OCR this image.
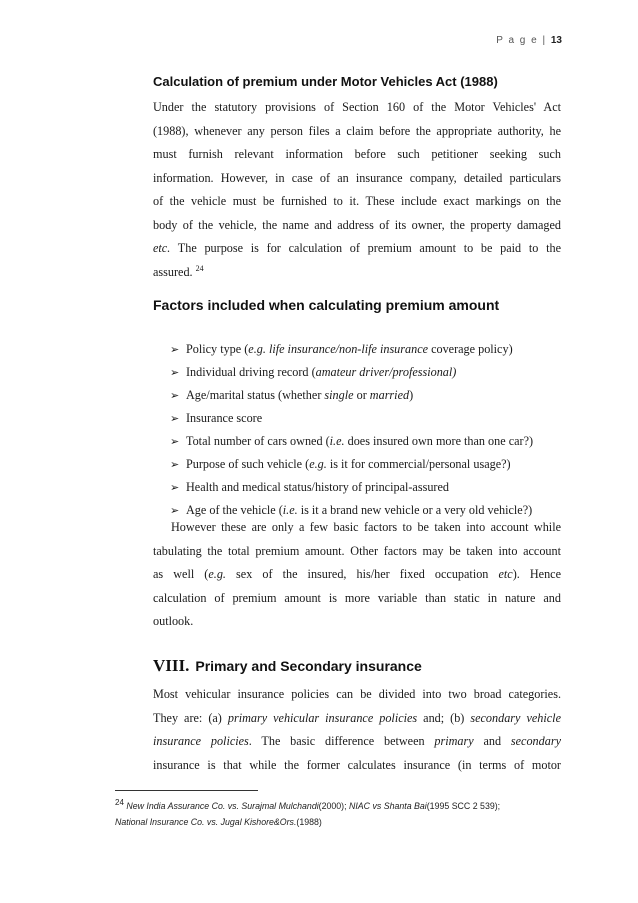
P a g e | 13
Calculation of premium under Motor Vehicles Act (1988)
Under the statutory provisions of Section 160 of the Motor Vehicles' Act
(1988), whenever any person files a claim before the appropriate authority, he
must furnish relevant information before such petitioner seeking such
information. However, in case of an insurance company, detailed particulars
of the vehicle must be furnished to it. These include exact markings on the
body of the vehicle, the name and address of its owner, the property damaged
etc. The purpose is for calculation of premium amount to be paid to the
assured. $^{24}$
Factors included when calculating premium amount
➢ Policy type (e.g. life insurance/non-life insurance coverage policy)
➢ Individual driving record (amateur driver/professional)
➢ Age/marital status (whether single or married)
➢ Insurance score
➢ Total number of cars owned (i.e. does insured own more than one car?)
➢ Purpose of such vehicle (e.g. is it for commercial/personal usage?)
➢ Health and medical status/history of principal-assured
➢ Age of the vehicle (i.e. is it a brand new vehicle or a very old vehicle?)
However these are only a few basic factors to be taken into account while
tabulating the total premium amount. Other factors may be taken into account
as well (e.g. sex of the insured, his/her fixed occupation etc). Hence
calculation of premium amount is more variable than static in nature and
outlook.
VIII. Primary and Secondary insurance
Most vehicular insurance policies can be divided into two broad categories.
They are: (a) primary vehicular insurance policies and; (b) secondary vehicle
insurance policies. The basic difference between primary and secondary
insurance is that while the former calculates insurance (in terms of motor
$^{24}$ New India Assurance Co. vs. Surajmal Mulchandi(2000); NIAC vs Shanta Bai(1995 SCC 2 539);
National Insurance Co. vs. Jugal Kishore&Ors.(1988)
